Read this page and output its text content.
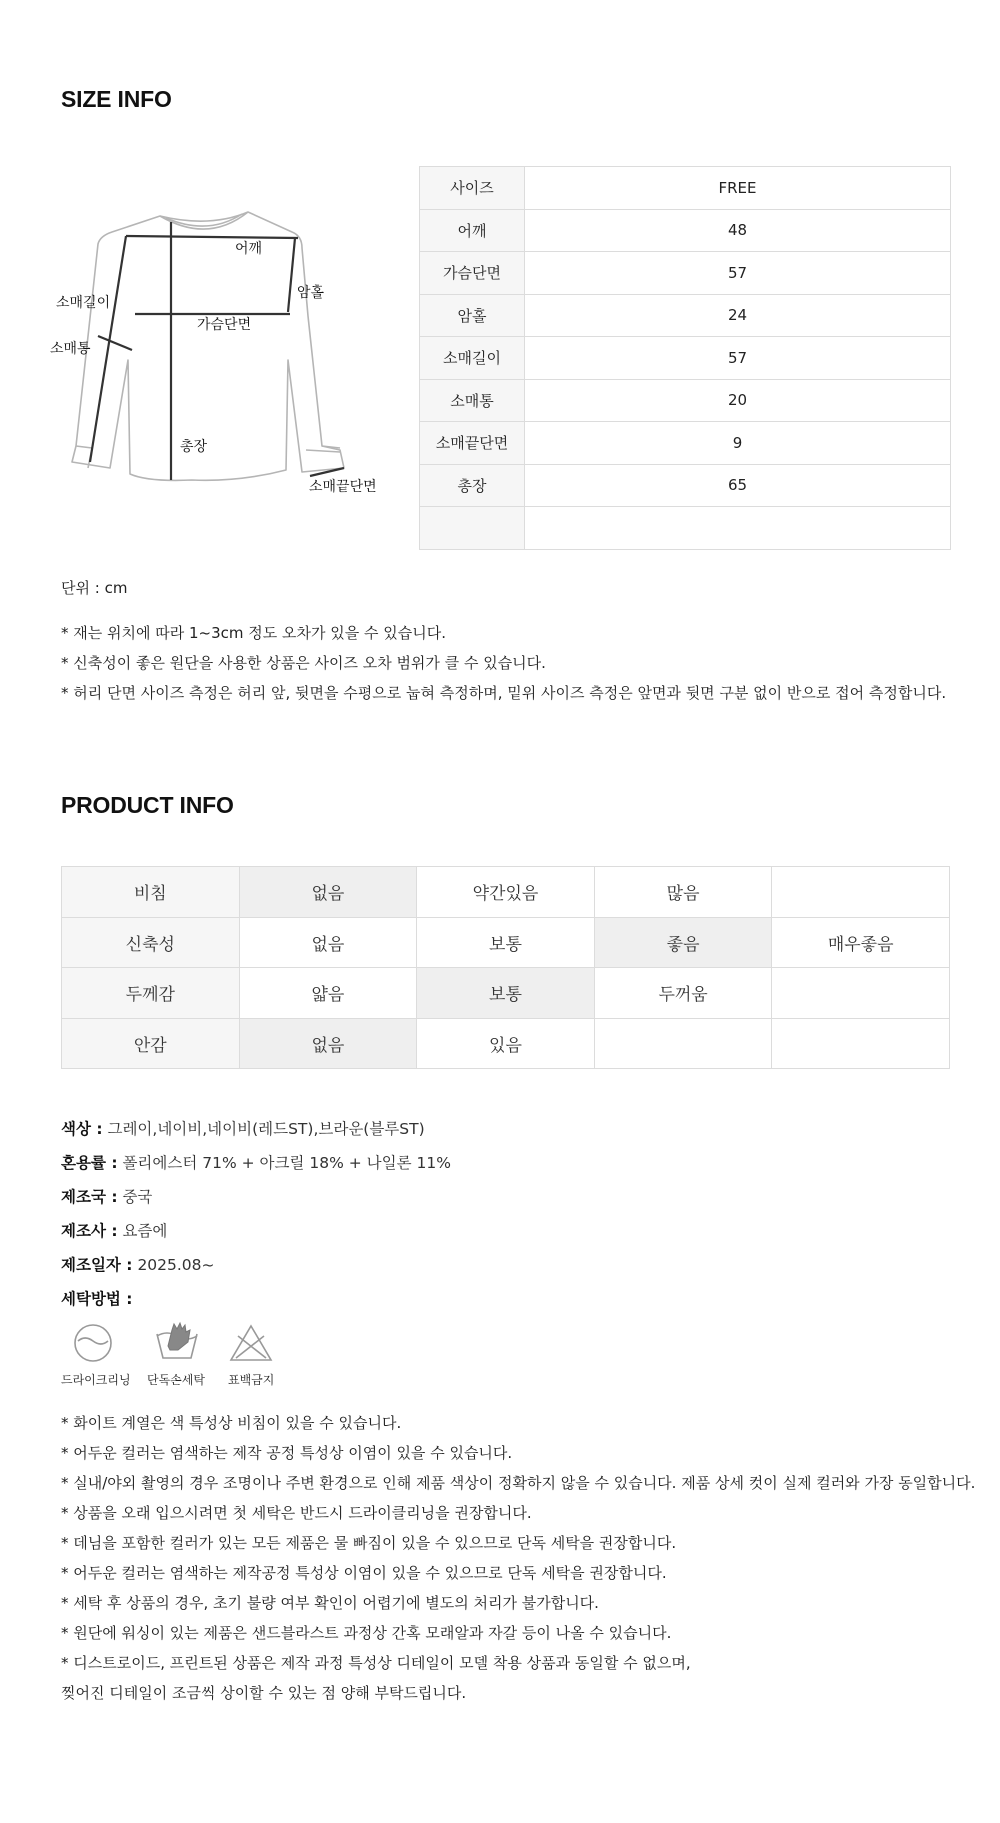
SIZE INFO
어깨
암홀
소매길이
가슴단면
소매통
총장
소매끝단면
사이즈	FREE
어깨	48
가슴단면	57
암홀	24
소매길이	57
소매통	20
소매끝단면	9
총장	65

단위 : cm
* 재는 위치에 따라 1~3cm 정도 오차가 있을 수 있습니다.
* 신축성이 좋은 원단을 사용한 상품은 사이즈 오차 범위가 클 수 있습니다.
* 허리 단면 사이즈 측정은 허리 앞, 뒷면을 수평으로 눕혀 측정하며, 밑위 사이즈 측정은 앞면과 뒷면 구분 없이 반으로 접어 측정합니다.
PRODUCT INFO
비침	없음	약간있음	많음	
신축성	없음	보통	좋음	매우좋음
두께감	얇음	보통	두꺼움	
안감	없음	있음		
색상 : 그레이,네이비,네이비(레드ST),브라운(블루ST)
혼용률 : 폴리에스터 71% + 아크릴 18% + 나일론 11%
제조국 : 중국
제조사 : 요즘에
제조일자 : 2025.08~
세탁방법 :
드라이크리닝 단독손세탁 표백금지
* 화이트 계열은 색 특성상 비침이 있을 수 있습니다.
* 어두운 컬러는 염색하는 제작 공정 특성상 이염이 있을 수 있습니다.
* 실내/야외 촬영의 경우 조명이나 주변 환경으로 인해 제품 색상이 정확하지 않을 수 있습니다. 제품 상세 컷이 실제 컬러와 가장 동일합니다.
* 상품을 오래 입으시려면 첫 세탁은 반드시 드라이클리닝을 권장합니다.
* 데님을 포함한 컬러가 있는 모든 제품은 물 빠짐이 있을 수 있으므로 단독 세탁을 권장합니다.
* 어두운 컬러는 염색하는 제작공정 특성상 이염이 있을 수 있으므로 단독 세탁을 권장합니다.
* 세탁 후 상품의 경우, 초기 불량 여부 확인이 어렵기에 별도의 처리가 불가합니다.
* 원단에 워싱이 있는 제품은 샌드블라스트 과정상 간혹 모래알과 자갈 등이 나올 수 있습니다.
* 디스트로이드, 프린트된 상품은 제작 과정 특성상 디테일이 모델 착용 상품과 동일할 수 없으며,
찢어진 디테일이 조금씩 상이할 수 있는 점 양해 부탁드립니다.
